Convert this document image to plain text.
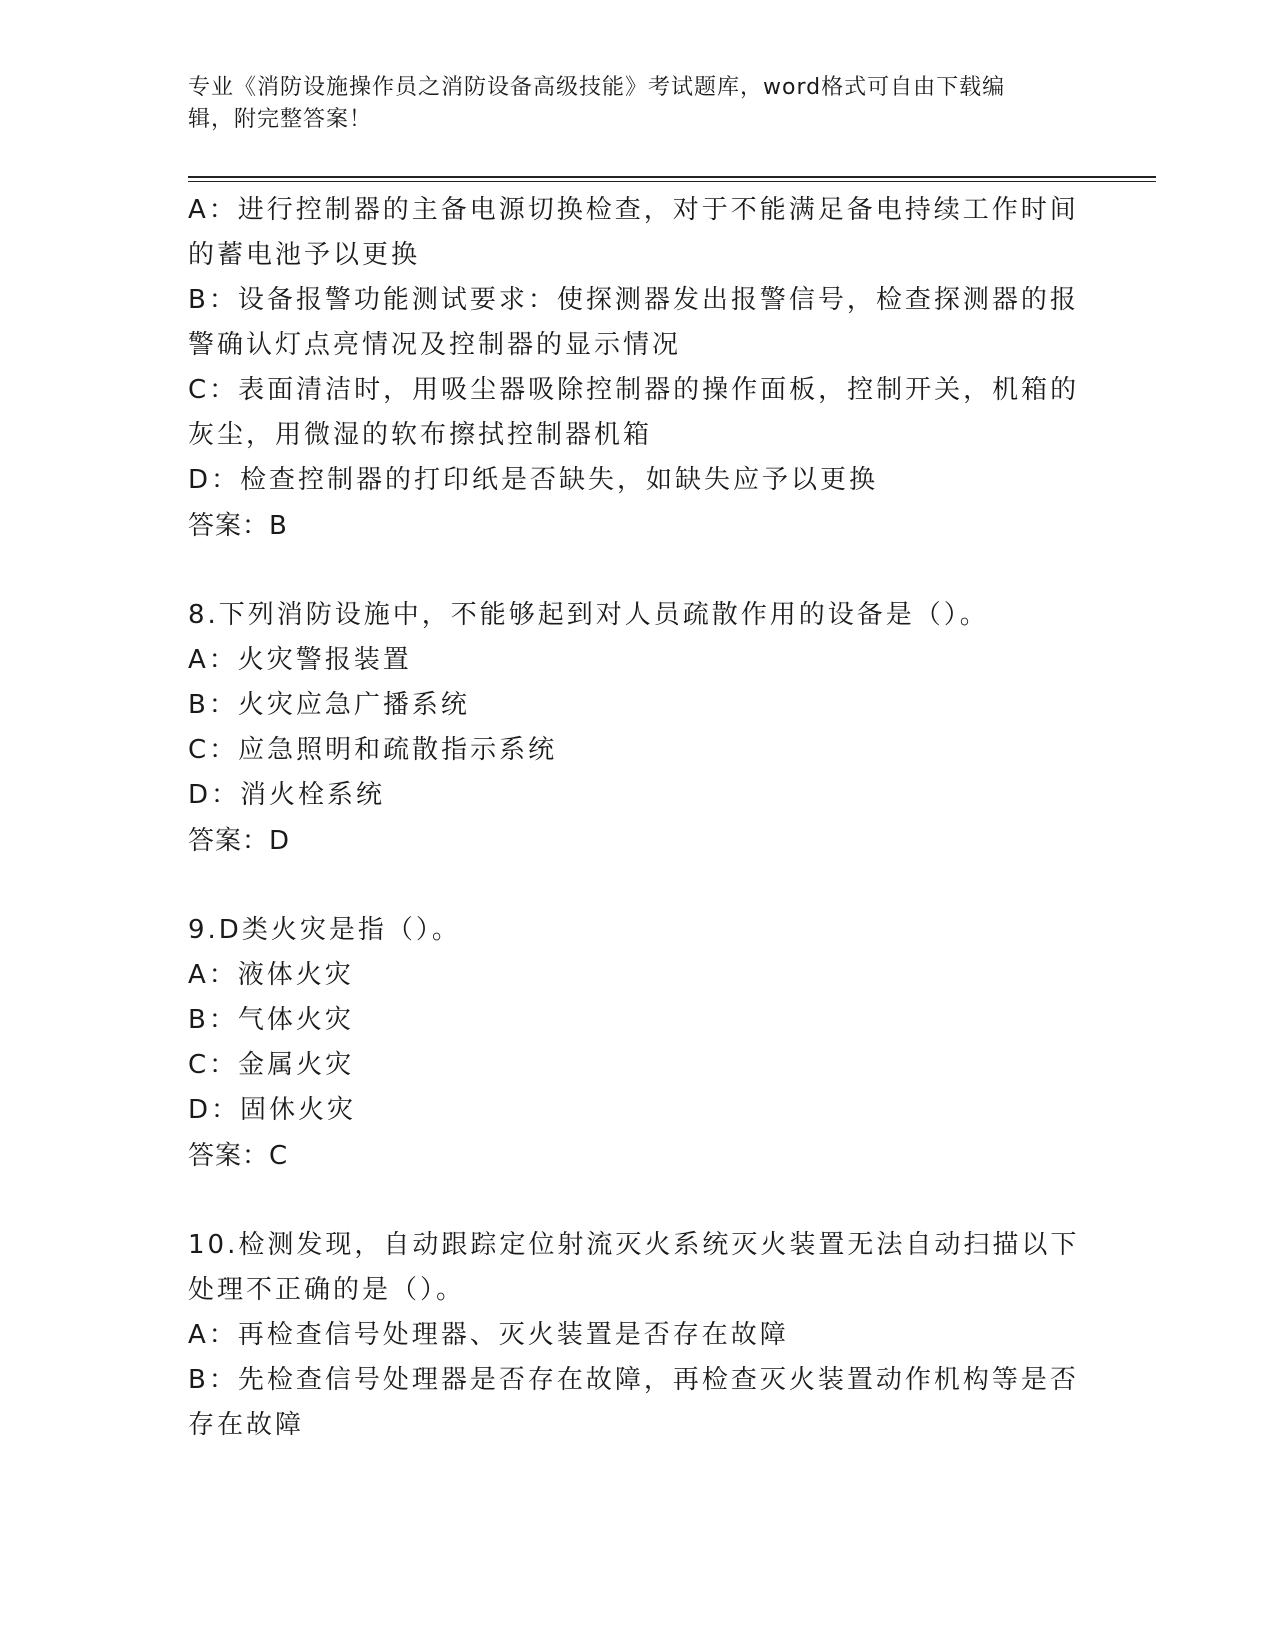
专业《消防设施操作员之消防设备高级技能》考试题库，word格式可自由下载编
辑，附完整答案！
A：进行控制器的主备电源切换检查，对于不能满足备电持续工作时间
的蓄电池予以更换
B：设备报警功能测试要求：使探测器发出报警信号，检查探测器的报
警确认灯点亮情况及控制器的显示情况
C：表面清洁时，用吸尘器吸除控制器的操作面板，控制开关，机箱的
灰尘，用微湿的软布擦拭控制器机箱
D：检查控制器的打印纸是否缺失，如缺失应予以更换
答案：B
8.下列消防设施中，不能够起到对人员疏散作用的设备是（）。
A：火灾警报装置
B：火灾应急广播系统
C：应急照明和疏散指示系统
D：消火栓系统
答案：D
9.D类火灾是指（）。
A：液体火灾
B：气体火灾
C：金属火灾
D：固休火灾
答案：C
10.检测发现，自动跟踪定位射流灭火系统灭火装置无法自动扫描以下
处理不正确的是（）。
A：再检查信号处理器、灭火装置是否存在故障
B：先检查信号处理器是否存在故障，再检查灭火装置动作机构等是否
存在故障
